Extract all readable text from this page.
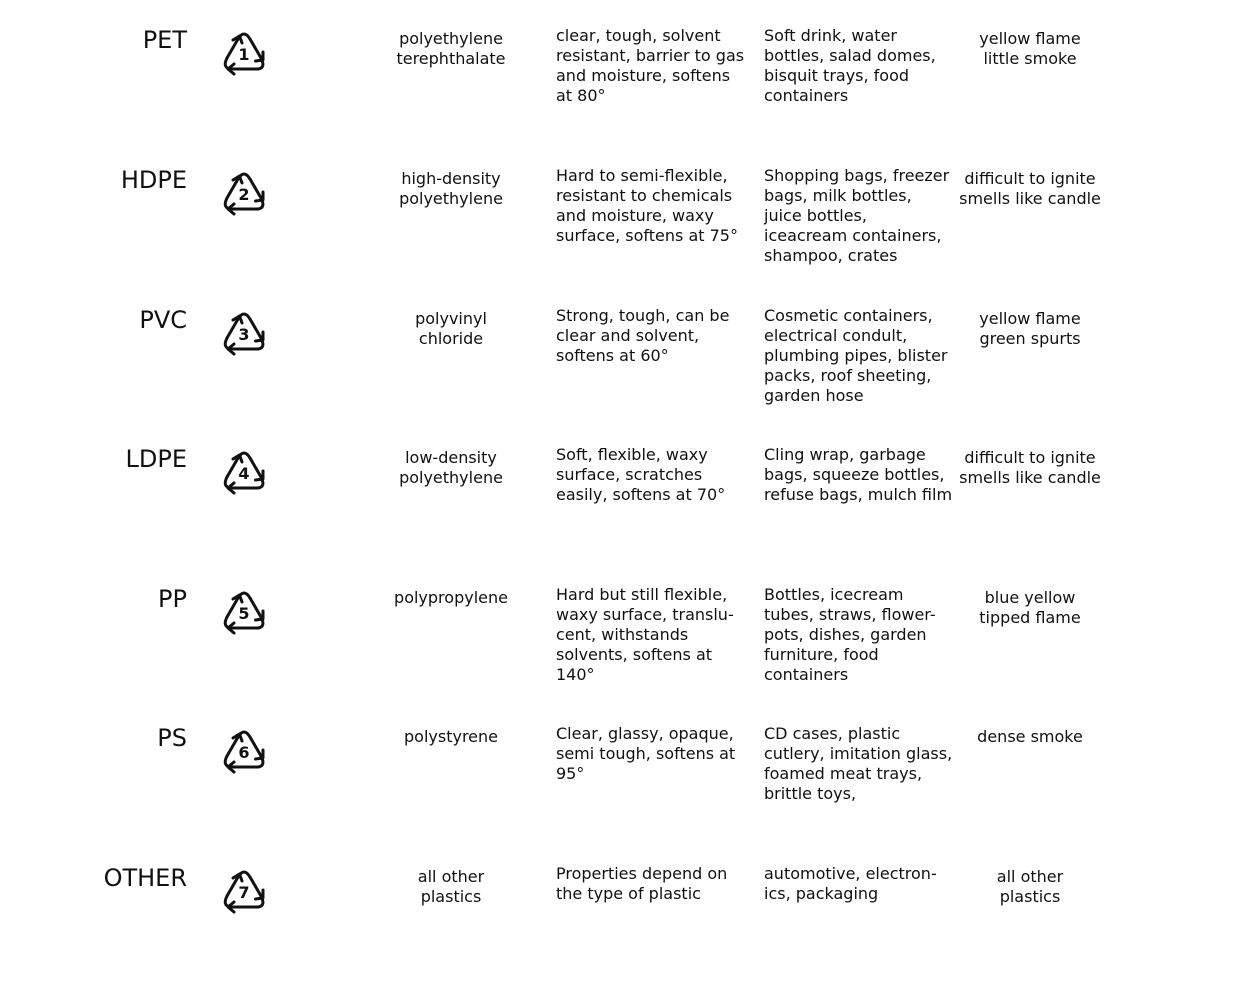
PET
1
polyethylene
terephthalate
clear, tough, solvent
resistant, barrier to gas
and moisture, softens
at 80°
Soft drink, water
bottles, salad domes,
bisquit trays, food
containers
yellow flame
little smoke
HDPE
2
high-density
polyethylene
Hard to semi-flexible,
resistant to chemicals
and moisture, waxy
surface, softens at 75°
Shopping bags, freezer
bags, milk bottles,
juice bottles,
iceacream containers,
shampoo, crates
difficult to ignite
smells like candle
PVC
3
polyvinyl
chloride
Strong, tough, can be
clear and solvent,
softens at 60°
Cosmetic containers,
electrical condult,
plumbing pipes, blister
packs, roof sheeting,
garden hose
yellow flame
green spurts
LDPE
4
low-density
polyethylene
Soft, flexible, waxy
surface, scratches
easily, softens at 70°
Cling wrap, garbage
bags, squeeze bottles,
refuse bags, mulch film
difficult to ignite
smells like candle
PP
5
polypropylene	Hard but still flexible,
waxy surface, translu-
cent, withstands
solvents, softens at
140°
Bottles, icecream
tubes, straws, flower-
pots, dishes, garden
furniture, food
containers
blue yellow
tipped flame
PS
6
polystyrene	Clear, glassy, opaque,
semi tough, softens at
95°
CD cases, plastic
cutlery, imitation glass,
foamed meat trays,
brittle toys,
dense smoke
OTHER
7
all other
plastics
Properties depend on
the type of plastic
automotive, electron-
ics, packaging
all other
plastics
